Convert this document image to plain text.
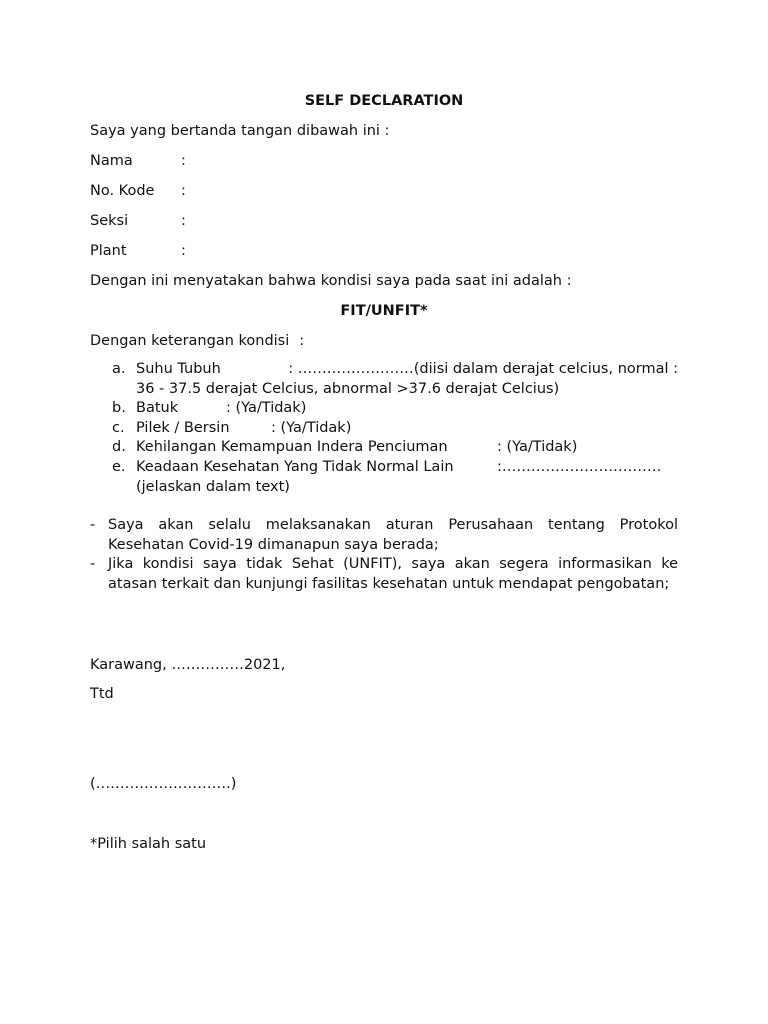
SELF DECLARATION
Saya yang bertanda tangan dibawah ini :
Nama	:
No. Kode :
Seksi	:
Plant	:
Dengan ini menyatakan bahwa kondisi saya pada saat ini adalah :
FIT/UNFIT*
Dengan keterangan kondisi :
a. Suhu Tubuh	: ……………………(diisi dalam derajat celcius, normal :
36 - 37.5 derajat Celcius, abnormal >37.6 derajat Celcius)
b. Batuk	: (Ya/Tidak)
c. Pilek / Bersin	: (Ya/Tidak)
d. Kehilangan Kemampuan Indera Penciuman	: (Ya/Tidak)
e. Keadaan Kesehatan Yang Tidak Normal Lain	:……………………………
(jelaskan dalam text)
- Saya akan selalu melaksanakan aturan Perusahaan tentang Protokol Kesehatan Covid-19 dimanapun saya berada;
- Jika kondisi saya tidak Sehat (UNFIT), saya akan segera informasikan ke atasan terkait dan kunjungi fasilitas kesehatan untuk mendapat pengobatan;
Karawang, ……………2021,
Ttd
(……………………….)
*Pilih salah satu
